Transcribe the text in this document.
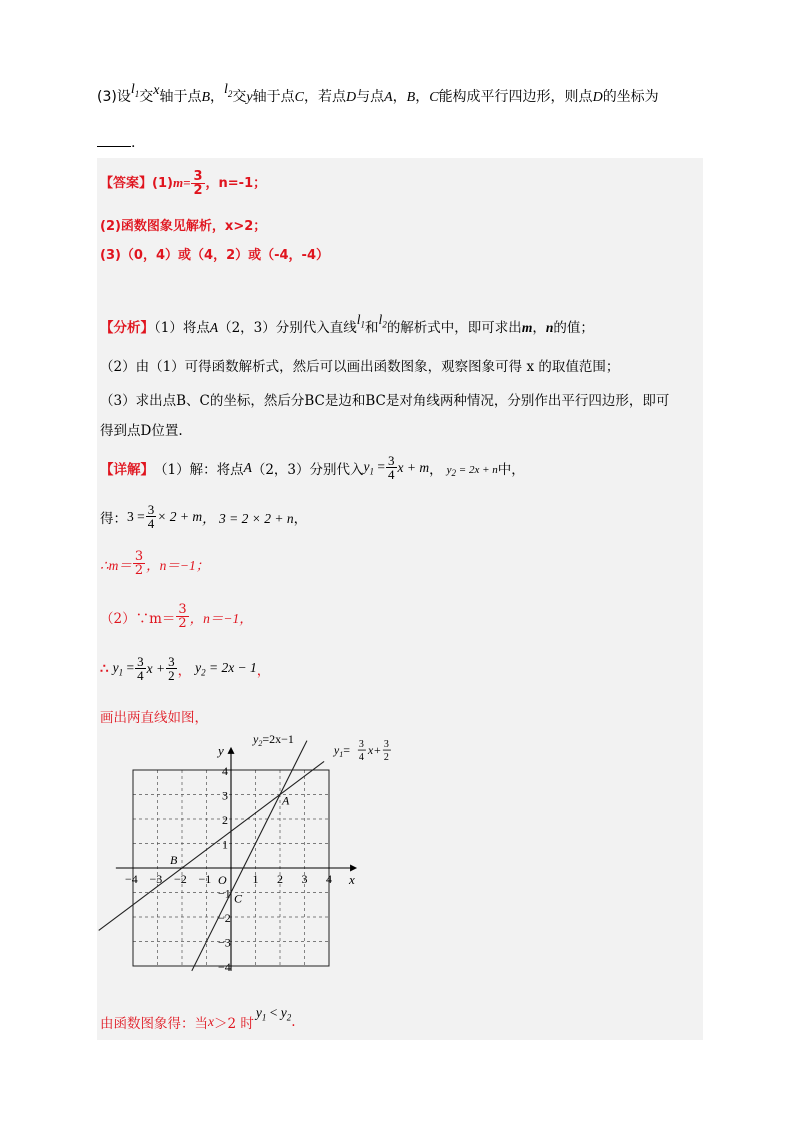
(3)设$l_1$交x轴于点B，$l_2$交y轴于点C，若点D与点A，B，C能构成平行四边形，则点D的坐标为
.
【答案】$(1)m= \frac{3}{2}$ ，n=-1；
(2)函数图象见解析，x>2；
(3)（0，4）或（4，2）或（-4，-4）
【分析】（1）将点A（2，3）分别代入直线$l_1$和$l_2$的解析式中，即可求出m，n的值；
（2）由（1）可得函数解析式，然后可以画出函数图象，观察图象可得 x 的取值范围；
（3）求出点B、C的坐标，然后分BC是边和BC是对角线两种情况，分别作出平行四边形，即可
得到点D位置.
【详解】 （1）解：将点 A （2，3）分别代入 $y_1 = \frac{3}{4}$ x + m ， $y_2 = 2x + n$ 中，
得： $3 = \frac{3}{4} \times 2 + m$ ， 3 = 2 × 2 + n ，
∴m＝ $\frac{3}{2}$ ，n＝−1；
（2）∵m＝ $\frac{3}{2}$ ，n＝−1，
∴ $y_1 = \frac{3}{4}$ $x + \frac{3}{2}$ ， $y_2 = 2x - 1$ ，
画出两直线如图，
x
y
−4 −3 −2 −1	1 2 3 4
4
3
2
1
−1
−2
−3
−4
O
A
B
C
$y_2=2x-1$
$y_1= 3$
4
x+ 3
2
由函数图象得：当 x ＞2 时
$y_1 < y_2$ .
